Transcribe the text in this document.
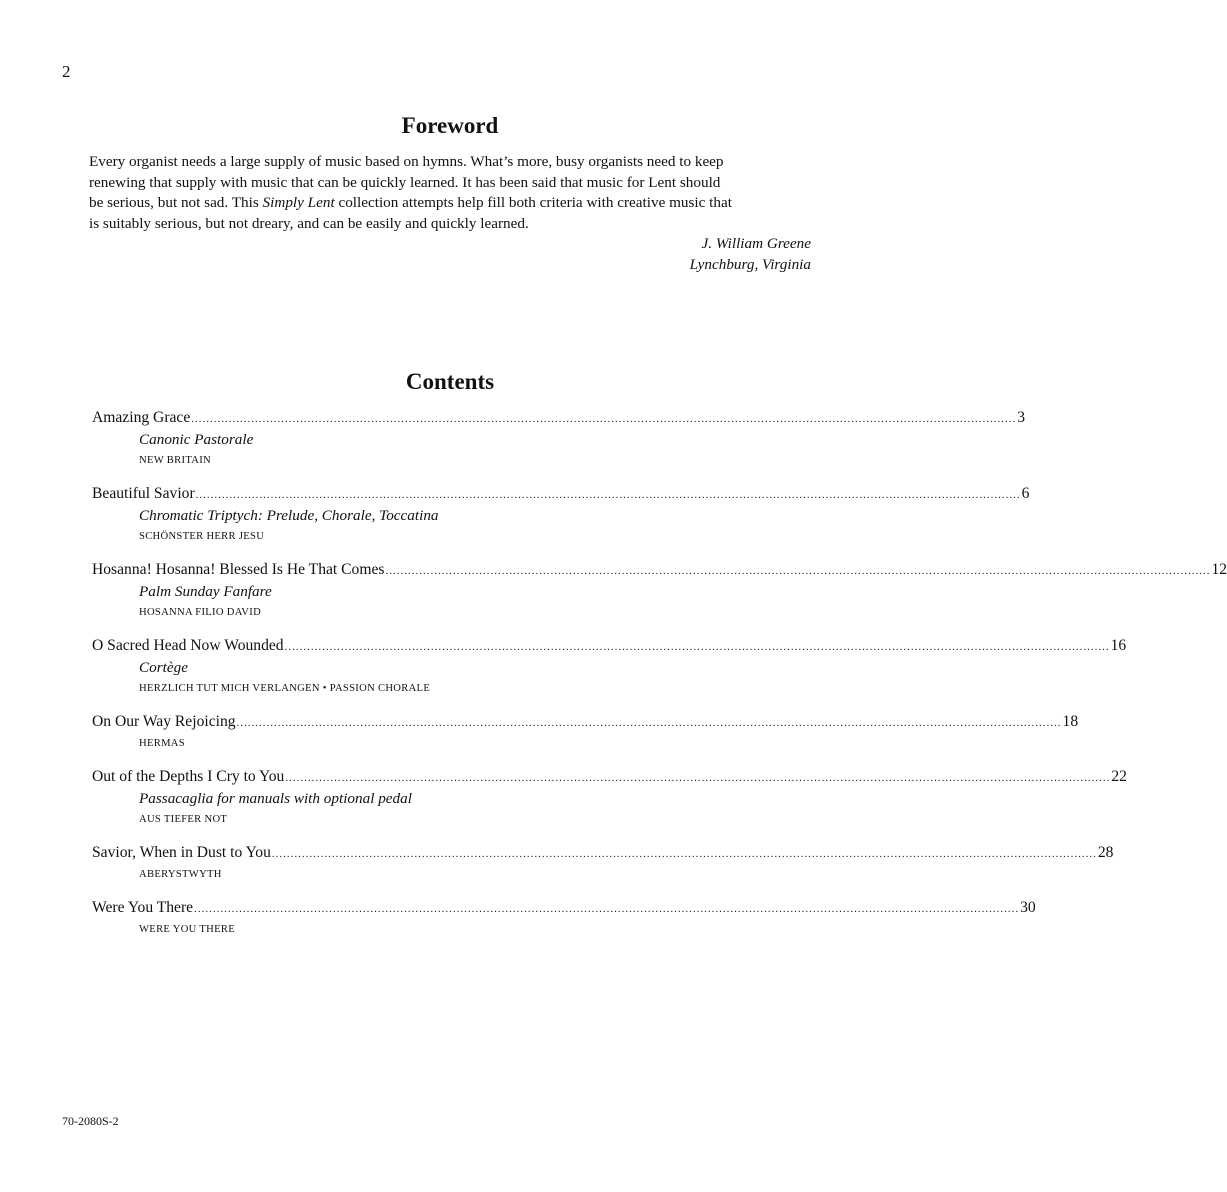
2
Foreword
Every organist needs a large supply of music based on hymns. What’s more, busy organists need to keep
renewing that supply with music that can be quickly learned. It has been said that music for Lent should
be serious, but not sad. This Simply Lent collection attempts help fill both criteria with creative music that
is suitably serious, but not dreary, and can be easily and quickly learned.
J. William Greene
Lynchburg, Virginia
Contents
Amazing Grace ............................................................................................................................................................................................................................ 3
Canonic Pastorale
NEW BRITAIN
Beautiful Savior ............................................................................................................................................................................................................................ 6
Chromatic Triptych: Prelude, Chorale, Toccatina
SCHÖNSTER HERR JESU
Hosanna! Hosanna! Blessed Is He That Comes ............................................................................................................................................................................................................................ 12
Palm Sunday Fanfare
HOSANNA FILIO DAVID
O Sacred Head Now Wounded ............................................................................................................................................................................................................................ 16
Cortège
HERZLICH TUT MICH VERLANGEN • PASSION CHORALE
On Our Way Rejoicing ............................................................................................................................................................................................................................ 18
HERMAS
Out of the Depths I Cry to You ............................................................................................................................................................................................................................ 22
Passacaglia for manuals with optional pedal
AUS TIEFER NOT
Savior, When in Dust to You ............................................................................................................................................................................................................................ 28
ABERYSTWYTH
Were You There ............................................................................................................................................................................................................................ 30
WERE YOU THERE
70-2080S-2
